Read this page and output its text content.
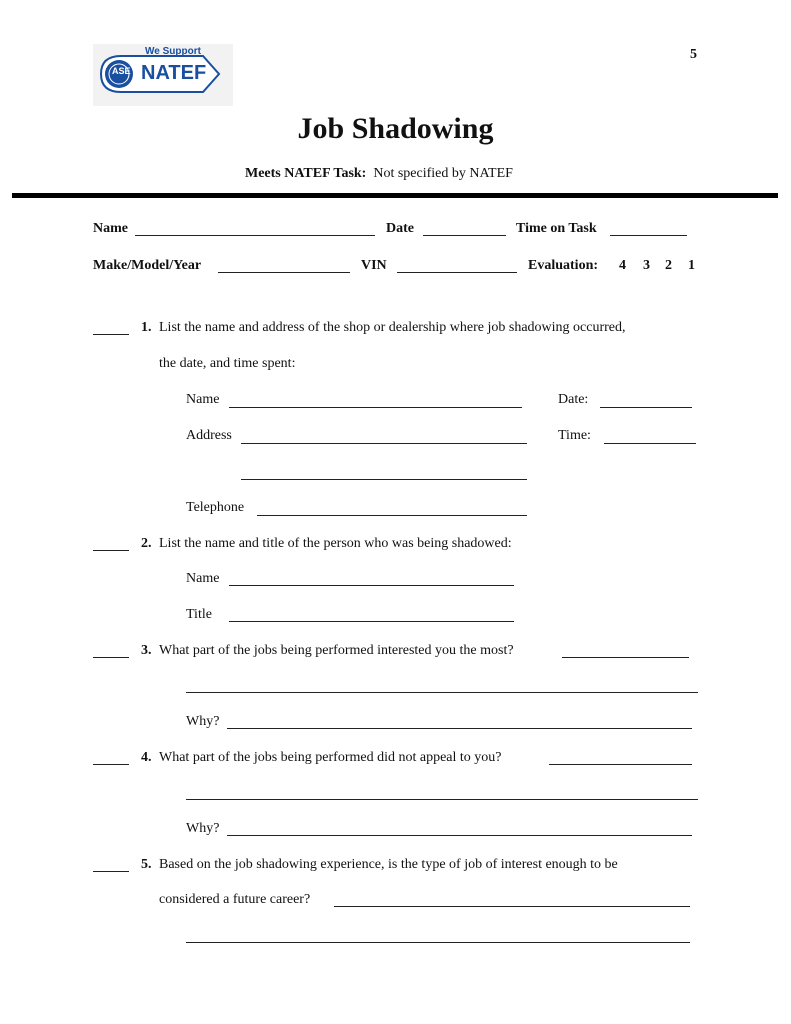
5
We Support
ASE NATEF
Job Shadowing
Meets NATEF Task: Not specified by NATEF
Name	Date	Time on Task
Make/Model/Year	VIN	Evaluation: 4 3 2 1
1. List the name and address of the shop or dealership where job shadowing occurred,
the date, and time spent:
Name	Date:
Address	Time:
Telephone
2. List the name and title of the person who was being shadowed:
Name
Title
3. What part of the jobs being performed interested you the most?
Why?
4. What part of the jobs being performed did not appeal to you?
Why?
5. Based on the job shadowing experience, is the type of job of interest enough to be
considered a future career?
